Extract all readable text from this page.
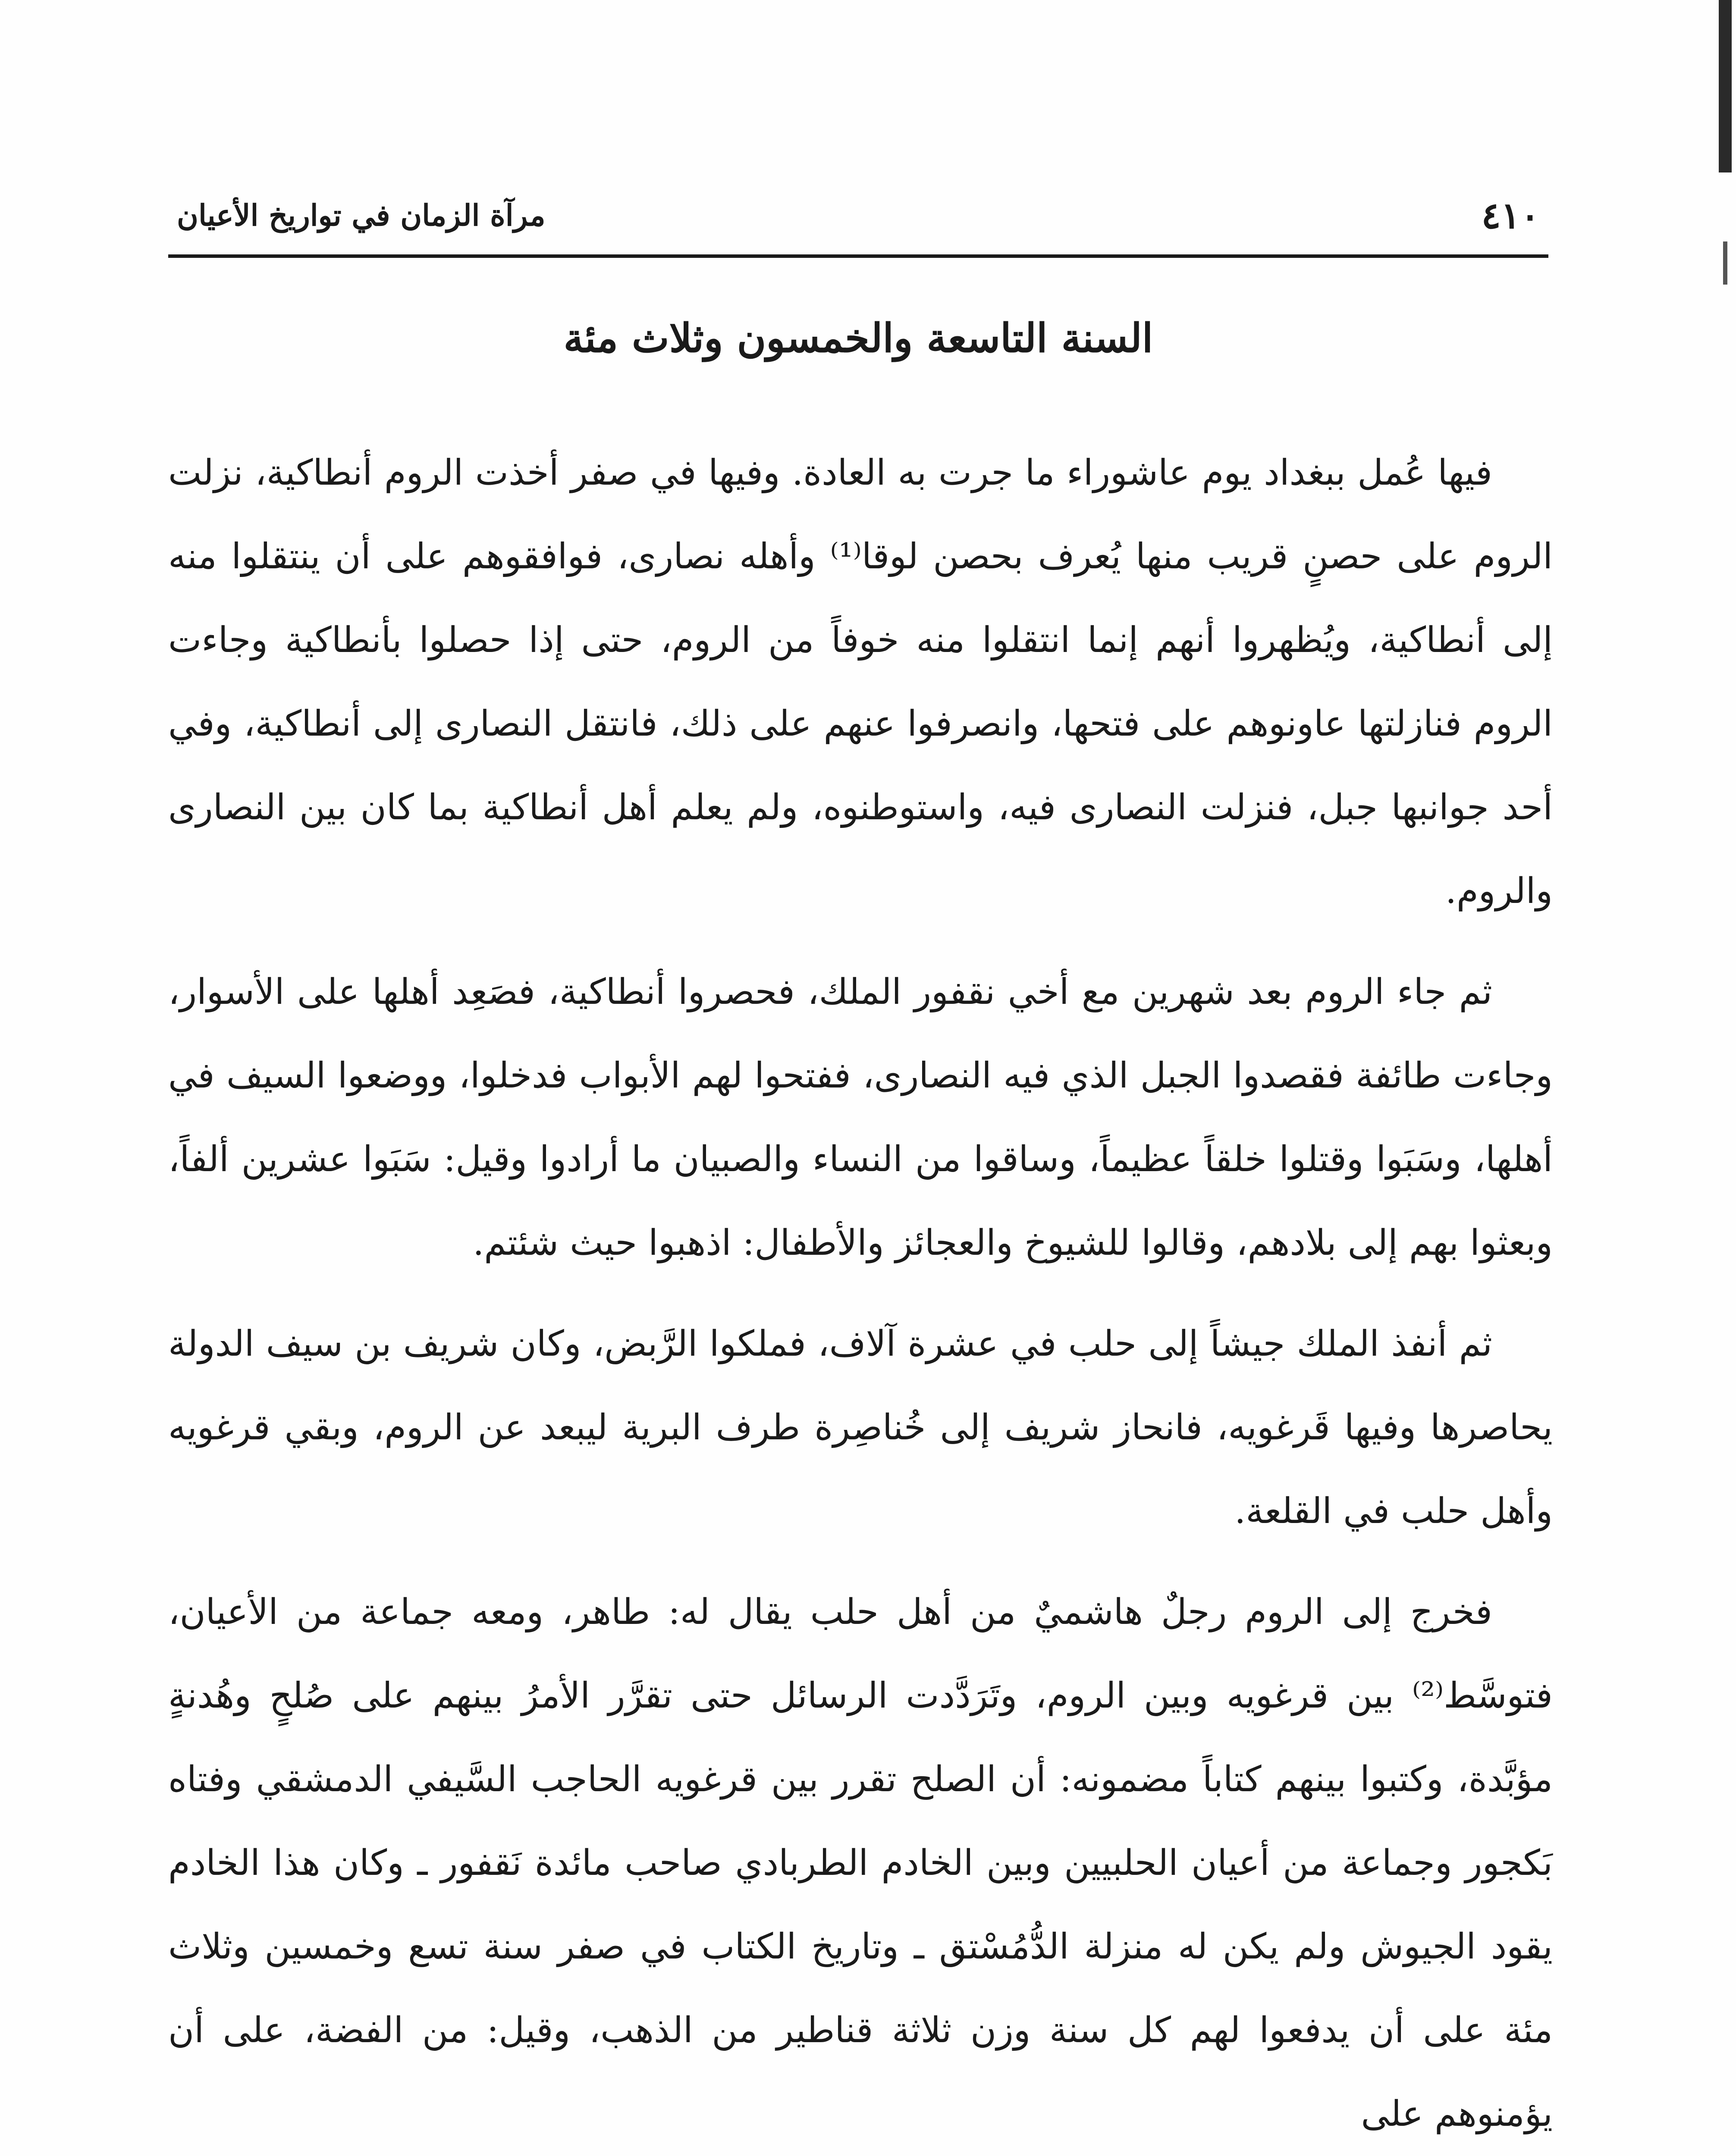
٤١٠
مرآة الزمان في تواريخ الأعيان
السنة التاسعة والخمسون وثلاث مئة

فيها عُمل ببغداد يوم عاشوراء ما جرت به العادة. وفيها في صفر أخذت الروم أنطاكية، نزلت الروم على حصنٍ قريب منها يُعرف بحصن لوقا⁽¹⁾ وأهله نصارى، فوافقوهم على أن ينتقلوا منه إلى أنطاكية، ويُظهروا أنهم إنما انتقلوا منه خوفاً من الروم، حتى إذا حصلوا بأنطاكية وجاءت الروم فنازلتها عاونوهم على فتحها، وانصرفوا عنهم على ذلك، فانتقل النصارى إلى أنطاكية، وفي أحد جوانبها جبل، فنزلت النصارى فيه، واستوطنوه، ولم يعلم أهل أنطاكية بما كان بين النصارى والروم.

ثم جاء الروم بعد شهرين مع أخي نقفور الملك، فحصروا أنطاكية، فصَعِد أهلها على الأسوار، وجاءت طائفة فقصدوا الجبل الذي فيه النصارى، ففتحوا لهم الأبواب فدخلوا، ووضعوا السيف في أهلها، وسَبَوا وقتلوا خلقاً عظيماً، وساقوا من النساء والصبيان ما أرادوا وقيل: سَبَوا عشرين ألفاً، وبعثوا بهم إلى بلادهم، وقالوا للشيوخ والعجائز والأطفال: اذهبوا حيث شئتم.

ثم أنفذ الملك جيشاً إلى حلب في عشرة آلاف، فملكوا الرَّبض، وكان شريف بن سيف الدولة يحاصرها وفيها قَرغويه، فانحاز شريف إلى خُناصِرة طرف البرية ليبعد عن الروم، وبقي قرغويه وأهل حلب في القلعة.

فخرج إلى الروم رجلٌ هاشميٌ من أهل حلب يقال له: طاهر، ومعه جماعة من الأعيان، فتوسَّط⁽²⁾ بين قرغويه وبين الروم، وتَرَدَّدت الرسائل حتى تقرَّر الأمرُ بينهم على صُلحٍ وهُدنةٍ مؤبَّدة، وكتبوا بينهم كتاباً مضمونه: أن الصلح تقرر بين قرغويه الحاجب السَّيفي الدمشقي وفتاه بَكجور وجماعة من أعيان الحلبيين وبين الخادم الطربادي صاحب مائدة نَقفور ـ وكان هذا الخادم يقود الجيوش ولم يكن له منزلة الدُّمُسْتق ـ وتاريخ الكتاب في صفر سنة تسع وخمسين وثلاث مئة على أن يدفعوا لهم كل سنة وزن ثلاثة قناطير من الذهب، وقيل: من الفضة، على أن يؤمنوهم على
